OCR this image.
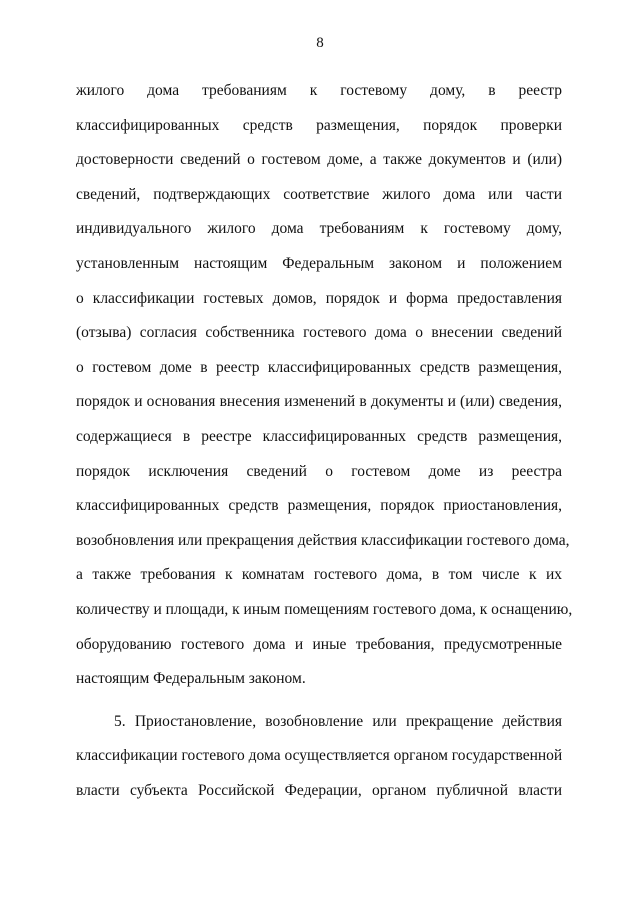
8
жилого дома требованиям к гостевому дому, в реестр
классифицированных средств размещения, порядок проверки
достоверности сведений о гостевом доме, а также документов и (или)
сведений, подтверждающих соответствие жилого дома или части
индивидуального жилого дома требованиям к гостевому дому,
установленным настоящим Федеральным законом и положением
о классификации гостевых домов, порядок и форма предоставления
(отзыва) согласия собственника гостевого дома о внесении сведений
о гостевом доме в реестр классифицированных средств размещения,
порядок и основания внесения изменений в документы и (или) сведения,
содержащиеся в реестре классифицированных средств размещения,
порядок исключения сведений о гостевом доме из реестра
классифицированных средств размещения, порядок приостановления,
возобновления или прекращения действия классификации гостевого дома,
а также требования к комнатам гостевого дома, в том числе к их
количеству и площади, к иным помещениям гостевого дома, к оснащению,
оборудованию гостевого дома и иные требования, предусмотренные
настоящим Федеральным законом.
5. Приостановление, возобновление или прекращение действия
классификации гостевого дома осуществляется органом государственной
власти субъекта Российской Федерации, органом публичной власти
